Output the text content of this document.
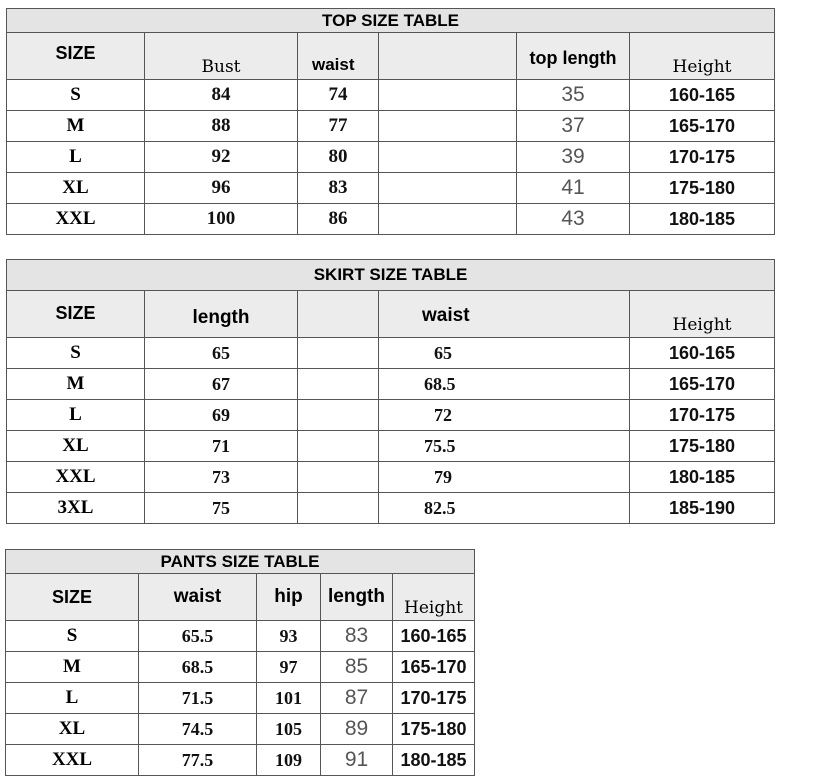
TOP SIZE TABLE					
SIZE	Bust	waist		top length	Height
S	84	74		35	160-165
M	88	77		37	165-170
L	92	80		39	170-175
XL	96	83		41	175-180
XXL	100	86		43	180-185
SKIRT SIZE TABLE				
SIZE	length		waist	Height
S	65		65	160-165
M	67		68.5	165-170
L	69		72	170-175
XL	71		75.5	175-180
XXL	73		79	180-185
3XL	75		82.5	185-190
PANTS SIZE TABLE				
SIZE	waist	hip	length	Height
S	65.5	93	83	160-165
M	68.5	97	85	165-170
L	71.5	101	87	170-175
XL	74.5	105	89	175-180
XXL	77.5	109	91	180-185
